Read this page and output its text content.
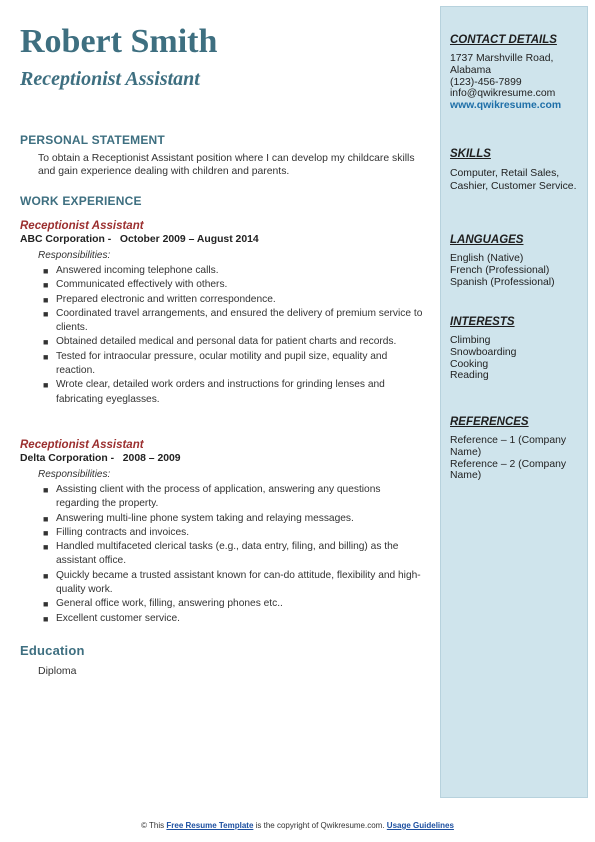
Robert Smith
Receptionist Assistant
PERSONAL STATEMENT
To obtain a Receptionist Assistant position where I can develop my childcare skills and gain experience dealing with children and parents.
WORK EXPERIENCE
Receptionist Assistant
ABC Corporation - October 2009 – August 2014
Responsibilities:
■ Answered incoming telephone calls.
■ Communicated effectively with others.
■ Prepared electronic and written correspondence.
■ Coordinated travel arrangements, and ensured the delivery of premium service to clients.
■ Obtained detailed medical and personal data for patient charts and records.
■ Tested for intraocular pressure, ocular motility and pupil size, equality and reaction.
■ Wrote clear, detailed work orders and instructions for grinding lenses and fabricating eyeglasses.
Receptionist Assistant
Delta Corporation - 2008 – 2009
Responsibilities:
■ Assisting client with the process of application, answering any questions regarding the property.
■ Answering multi-line phone system taking and relaying messages.
■ Filling contracts and invoices.
■ Handled multifaceted clerical tasks (e.g., data entry, filing, and billing) as the assistant office.
■ Quickly became a trusted assistant known for can-do attitude, flexibility and high-quality work.
■ General office work, filling, answering phones etc..
■ Excellent customer service.
Education
Diploma
CONTACT DETAILS
1737 Marshville Road,
Alabama
(123)-456-7899
info@qwikresume.com
www.qwikresume.com
SKILLS
Computer, Retail Sales, Cashier, Customer Service.
LANGUAGES
English (Native)
French (Professional)
Spanish (Professional)
INTERESTS
Climbing
Snowboarding
Cooking
Reading
REFERENCES
Reference – 1 (Company Name)
Reference – 2 (Company Name)
© This Free Resume Template is the copyright of Qwikresume.com. Usage Guidelines
